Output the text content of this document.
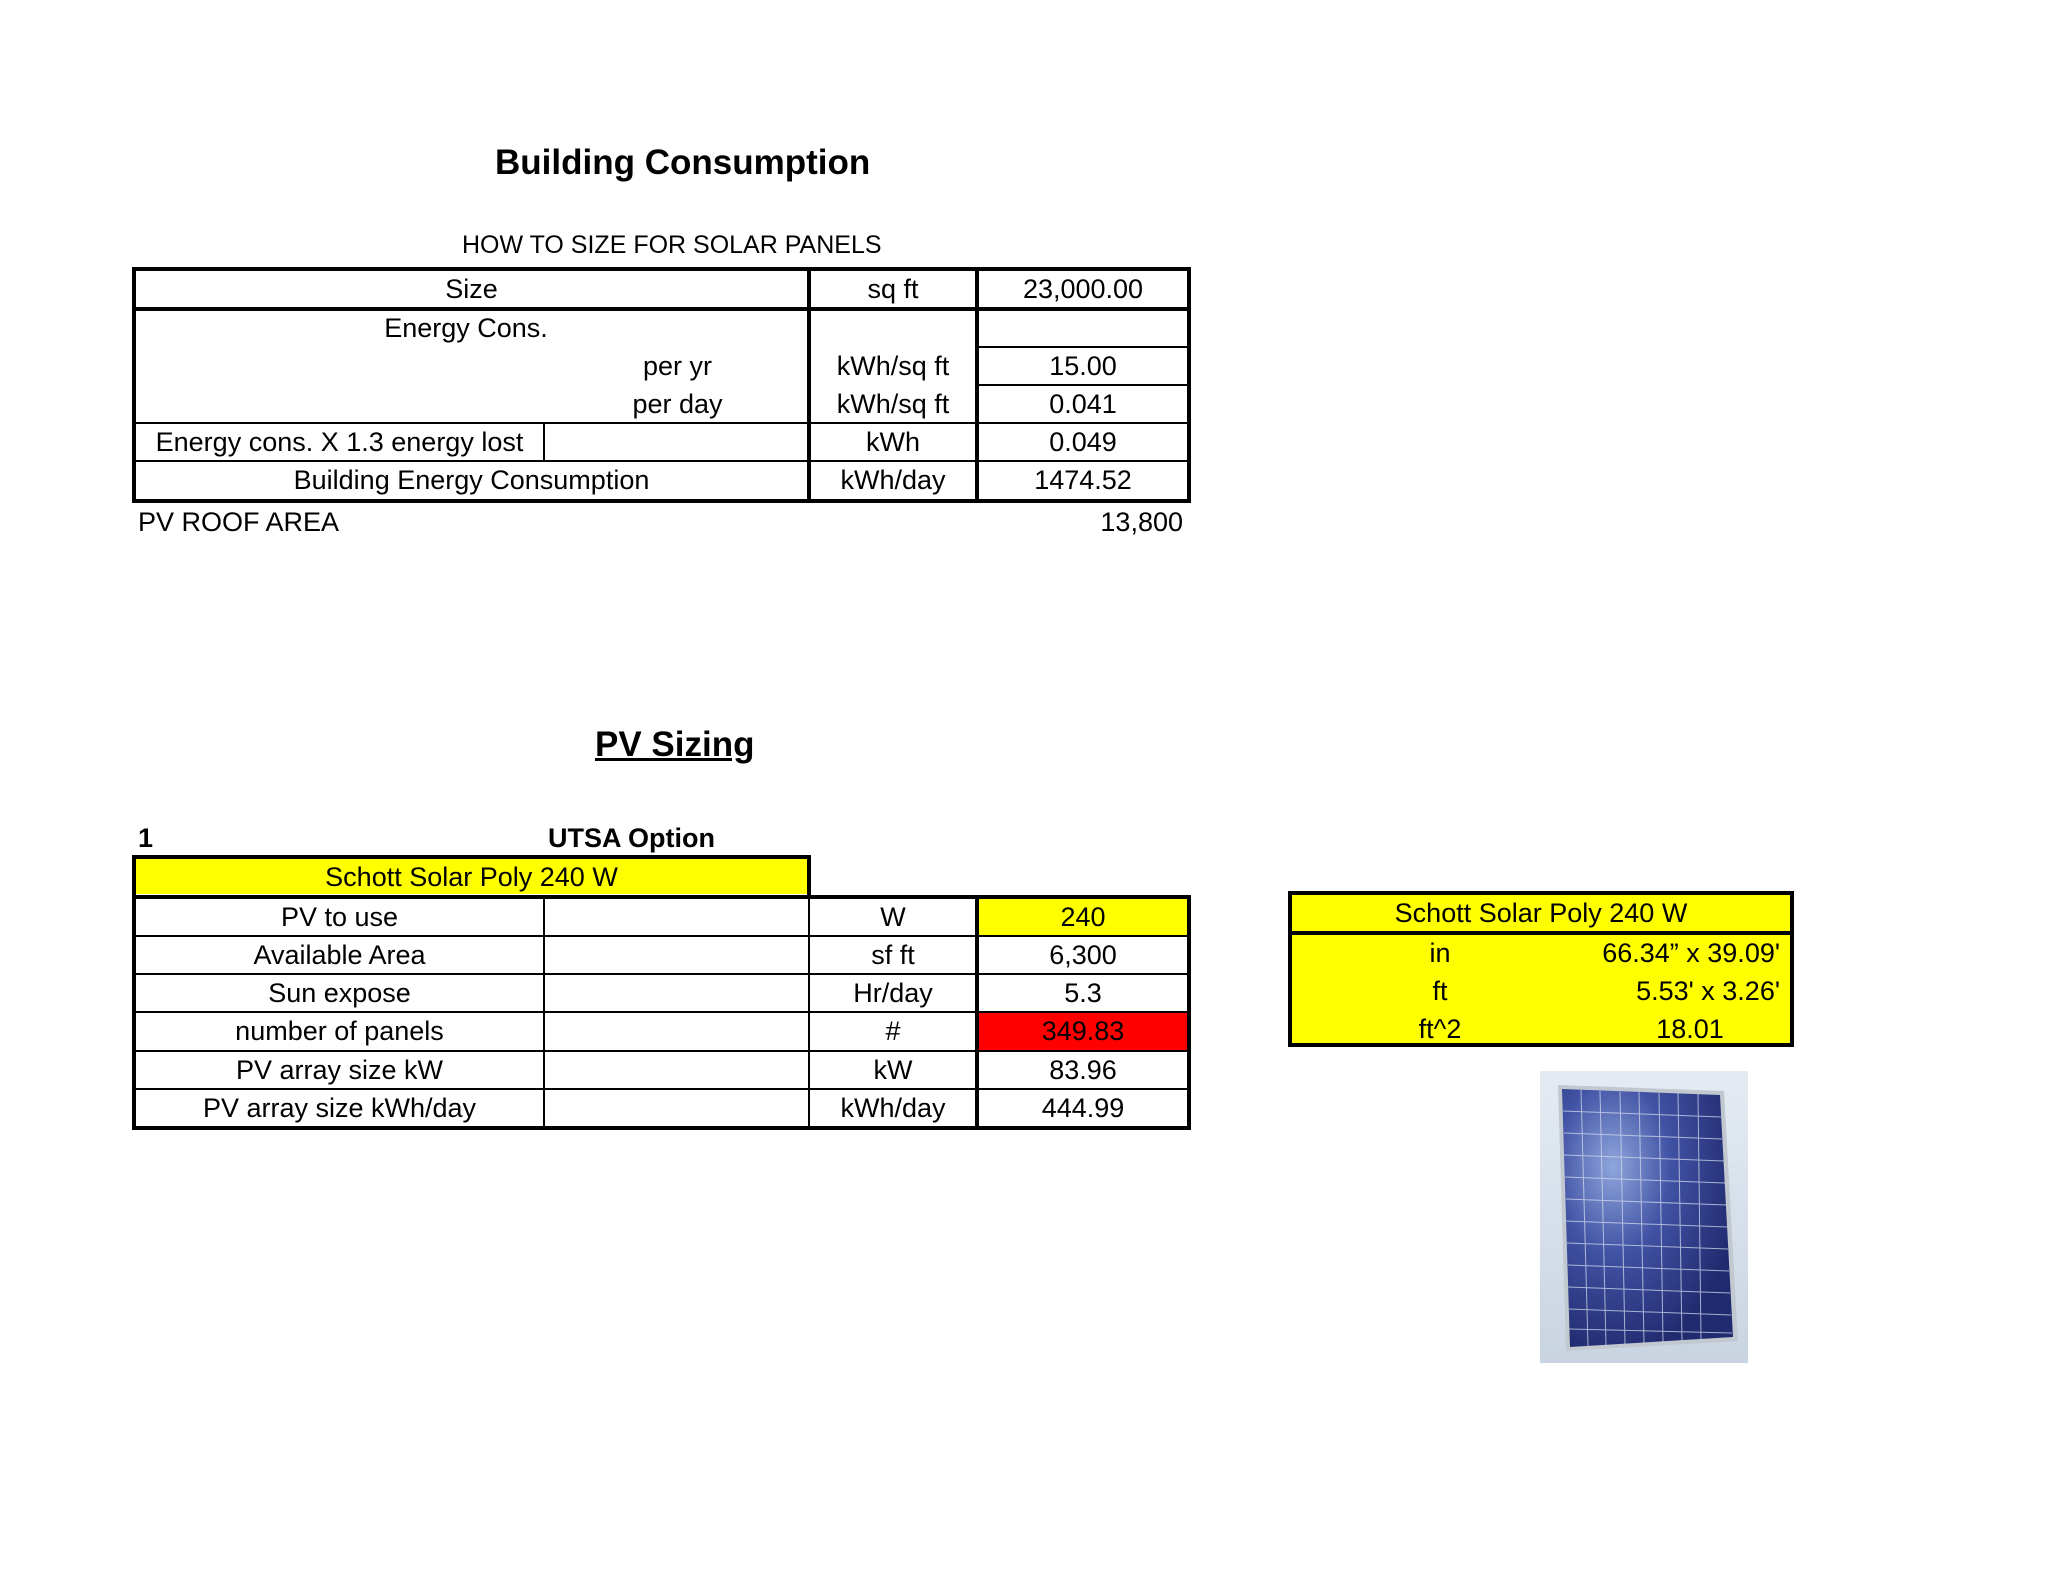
Building Consumption
HOW TO SIZE FOR SOLAR PANELS
Size	sq ft	23,000.00
Energy Cons.
per yr	kWh/sq ft	15.00
per day	kWh/sq ft	0.041
Energy cons. X 1.3 energy lost	kWh	0.049
Building Energy Consumption	kWh/day	1474.52
PV ROOF AREA	13,800
PV Sizing
1	UTSA Option
Schott Solar Poly 240 W
PV to use	W	240
Available Area	sf ft	6,300
Sun expose	Hr/day	5.3
number of panels	#	349.83
PV array size kW	kW	83.96
PV array size kWh/day	kWh/day	444.99
Schott Solar Poly 240 W
in	66.34” x 39.09'
ft	5.53' x 3.26'
ft^2	18.01
